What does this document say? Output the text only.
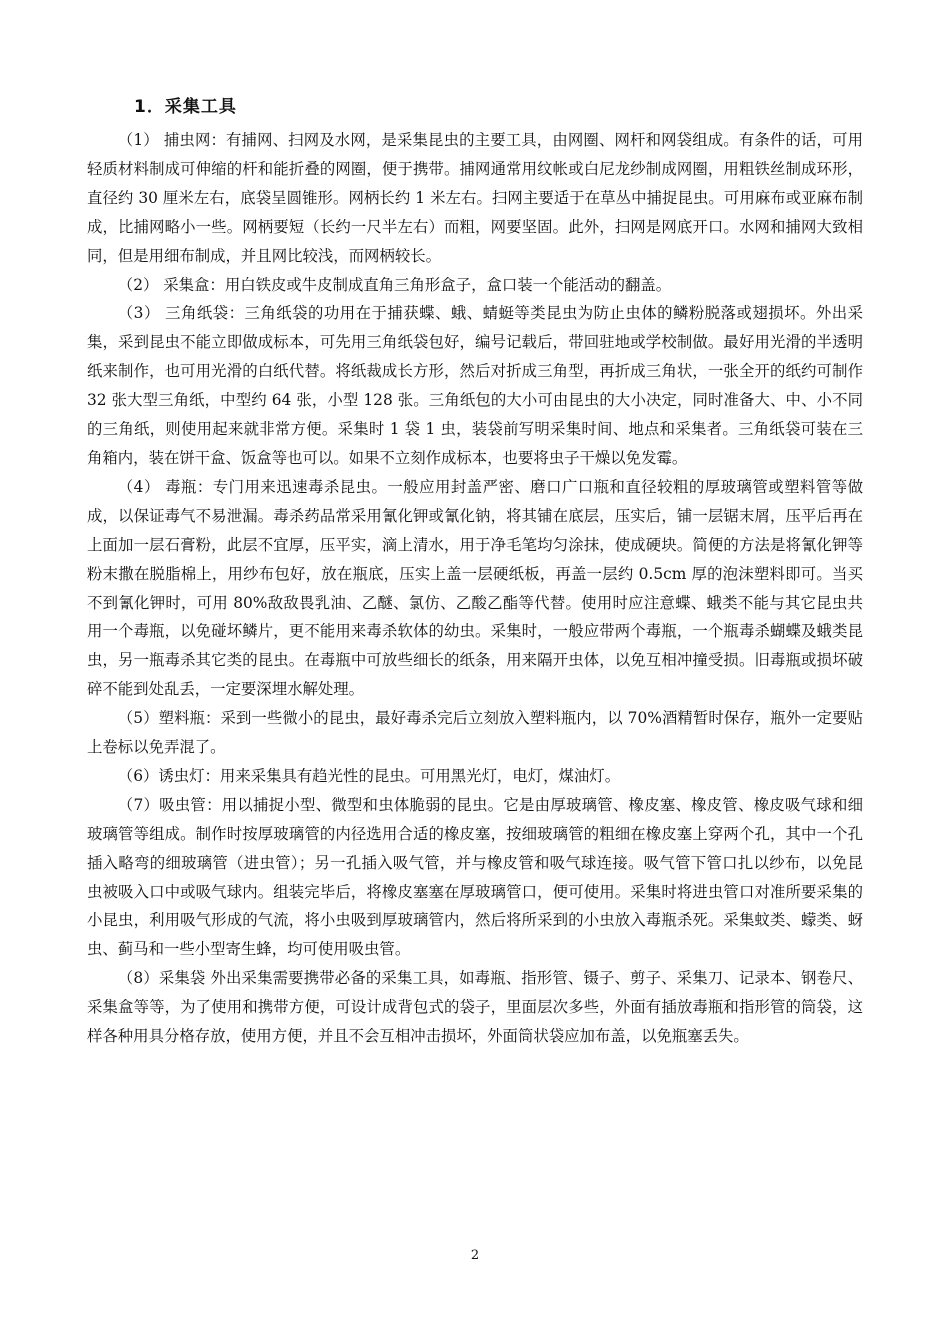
1．采集工具

（1） 捕虫网：有捕网、扫网及水网，是采集昆虫的主要工具，由网圈、网杆和网袋组成。有条件的话，可用轻质材料制成可伸缩的杆和能折叠的网圈，便于携带。捕网通常用纹帐或白尼龙纱制成网圈，用粗铁丝制成环形，直径约 30 厘米左右，底袋呈圆锥形。网柄长约 1 米左右。扫网主要适于在草丛中捕捉昆虫。可用麻布或亚麻布制成，比捕网略小一些。网柄要短（长约一尺半左右）而粗，网要坚固。此外，扫网是网底开口。水网和捕网大致相同，但是用细布制成，并且网比较浅，而网柄较长。

（2） 采集盒：用白铁皮或牛皮制成直角三角形盒子，盒口装一个能活动的翻盖。

（3） 三角纸袋：三角纸袋的功用在于捕获蝶、蛾、蜻蜓等类昆虫为防止虫体的鳞粉脱落或翅损坏。外出采集，采到昆虫不能立即做成标本，可先用三角纸袋包好，编号记载后，带回驻地或学校制做。最好用光滑的半透明纸来制作，也可用光滑的白纸代替。将纸裁成长方形，然后对折成三角型，再折成三角状，一张全开的纸约可制作 32 张大型三角纸，中型约 64 张，小型 128 张。三角纸包的大小可由昆虫的大小决定，同时准备大、中、小不同的三角纸，则使用起来就非常方便。采集时 1 袋 1 虫，装袋前写明采集时间、地点和采集者。三角纸袋可装在三角箱内，装在饼干盒、饭盒等也可以。如果不立刻作成标本，也要将虫子干燥以免发霉。

（4） 毒瓶：专门用来迅速毒杀昆虫。一般应用封盖严密、磨口广口瓶和直径较粗的厚玻璃管或塑料管等做成，以保证毒气不易泄漏。毒杀药品常采用氰化钾或氰化钠，将其铺在底层，压实后，铺一层锯末屑，压平后再在上面加一层石膏粉，此层不宜厚，压平实，滴上清水，用于净毛笔均匀涂抹，使成硬块。简便的方法是将氰化钾等粉末撒在脱脂棉上，用纱布包好，放在瓶底，压实上盖一层硬纸板，再盖一层约 0.5cm 厚的泡沫塑料即可。当买不到氰化钾时，可用 80%敌敌畏乳油、乙醚、氯仿、乙酸乙酯等代替。使用时应注意蝶、蛾类不能与其它昆虫共用一个毒瓶，以免碰坏鳞片，更不能用来毒杀软体的幼虫。采集时，一般应带两个毒瓶，一个瓶毒杀蝴蝶及蛾类昆虫，另一瓶毒杀其它类的昆虫。在毒瓶中可放些细长的纸条，用来隔开虫体，以免互相冲撞受损。旧毒瓶或损坏破碎不能到处乱丢，一定要深埋水解处理。

（5）塑料瓶：采到一些微小的昆虫，最好毒杀完后立刻放入塑料瓶内，以 70%酒精暂时保存，瓶外一定要贴上卷标以免弄混了。

（6）诱虫灯：用来采集具有趋光性的昆虫。可用黑光灯，电灯，煤油灯。

（7）吸虫管：用以捕捉小型、微型和虫体脆弱的昆虫。它是由厚玻璃管、橡皮塞、橡皮管、橡皮吸气球和细玻璃管等组成。制作时按厚玻璃管的内径选用合适的橡皮塞，按细玻璃管的粗细在橡皮塞上穿两个孔，其中一个孔插入略弯的细玻璃管（进虫管）；另一孔插入吸气管，并与橡皮管和吸气球连接。吸气管下管口扎以纱布，以免昆虫被吸入口中或吸气球内。组装完毕后，将橡皮塞塞在厚玻璃管口，便可使用。采集时将进虫管口对准所要采集的小昆虫，利用吸气形成的气流，将小虫吸到厚玻璃管内，然后将所采到的小虫放入毒瓶杀死。采集蚊类、蠓类、蚜虫、蓟马和一些小型寄生蜂，均可使用吸虫管。

（8）采集袋 外出采集需要携带必备的采集工具，如毒瓶、指形管、镊子、剪子、采集刀、记录本、钢卷尺、采集盒等等，为了使用和携带方便，可设计成背包式的袋子，里面层次多些，外面有插放毒瓶和指形管的筒袋，这样各种用具分格存放，使用方便，并且不会互相冲击损坏，外面筒状袋应加布盖，以免瓶塞丢失。

2
